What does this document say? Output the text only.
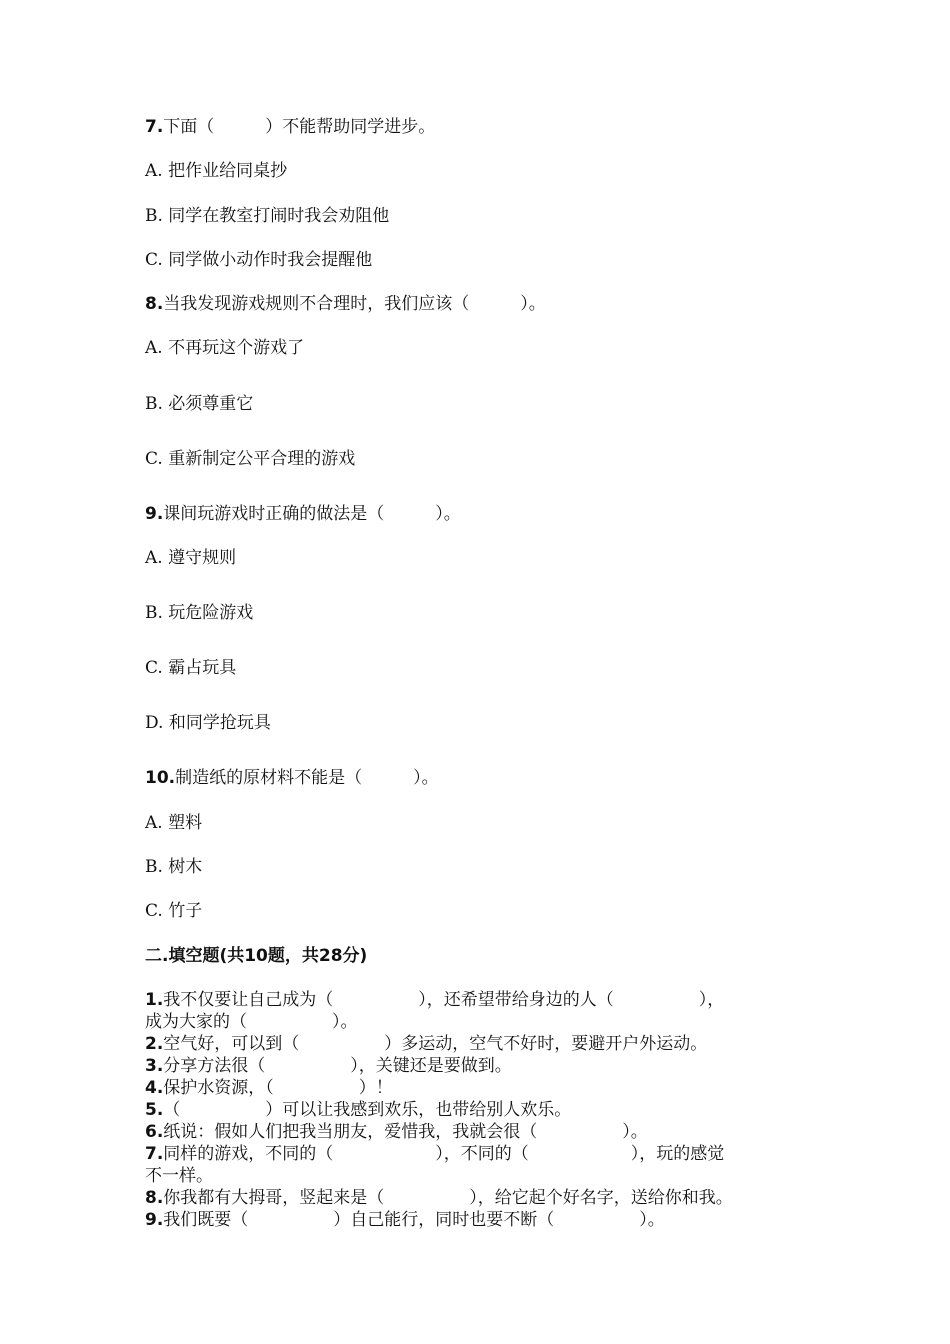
7.下面（　　　）不能帮助同学进步。
A. 把作业给同桌抄
B. 同学在教室打闹时我会劝阻他
C. 同学做小动作时我会提醒他
8.当我发现游戏规则不合理时，我们应该（　　　）。
A. 不再玩这个游戏了
B. 必须尊重它
C. 重新制定公平合理的游戏
9.课间玩游戏时正确的做法是（　　　）。
A. 遵守规则
B. 玩危险游戏
C. 霸占玩具
D. 和同学抢玩具
10.制造纸的原材料不能是（　　　）。
A. 塑料
B. 树木
C. 竹子
二.填空题(共10题，共28分)
1.我不仅要让自己成为（　　　　　），还希望带给身边的人（　　　　　），
成为大家的（　　　　　）。
2.空气好，可以到（　　　　　）多运动，空气不好时，要避开户外运动。
3.分享方法很（　　　　　），关键还是要做到。
4.保护水资源，（　　　　　）！
5.（　　　　　）可以让我感到欢乐，也带给别人欢乐。
6.纸说：假如人们把我当朋友，爱惜我，我就会很（　　　　　）。
7.同样的游戏，不同的（　　　　　　），不同的（　　　　　　），玩的感觉
不一样。
8.你我都有大拇哥，竖起来是（　　　　　），给它起个好名字，送给你和我。
9.我们既要（　　　　　）自己能行，同时也要不断（　　　　　）。
